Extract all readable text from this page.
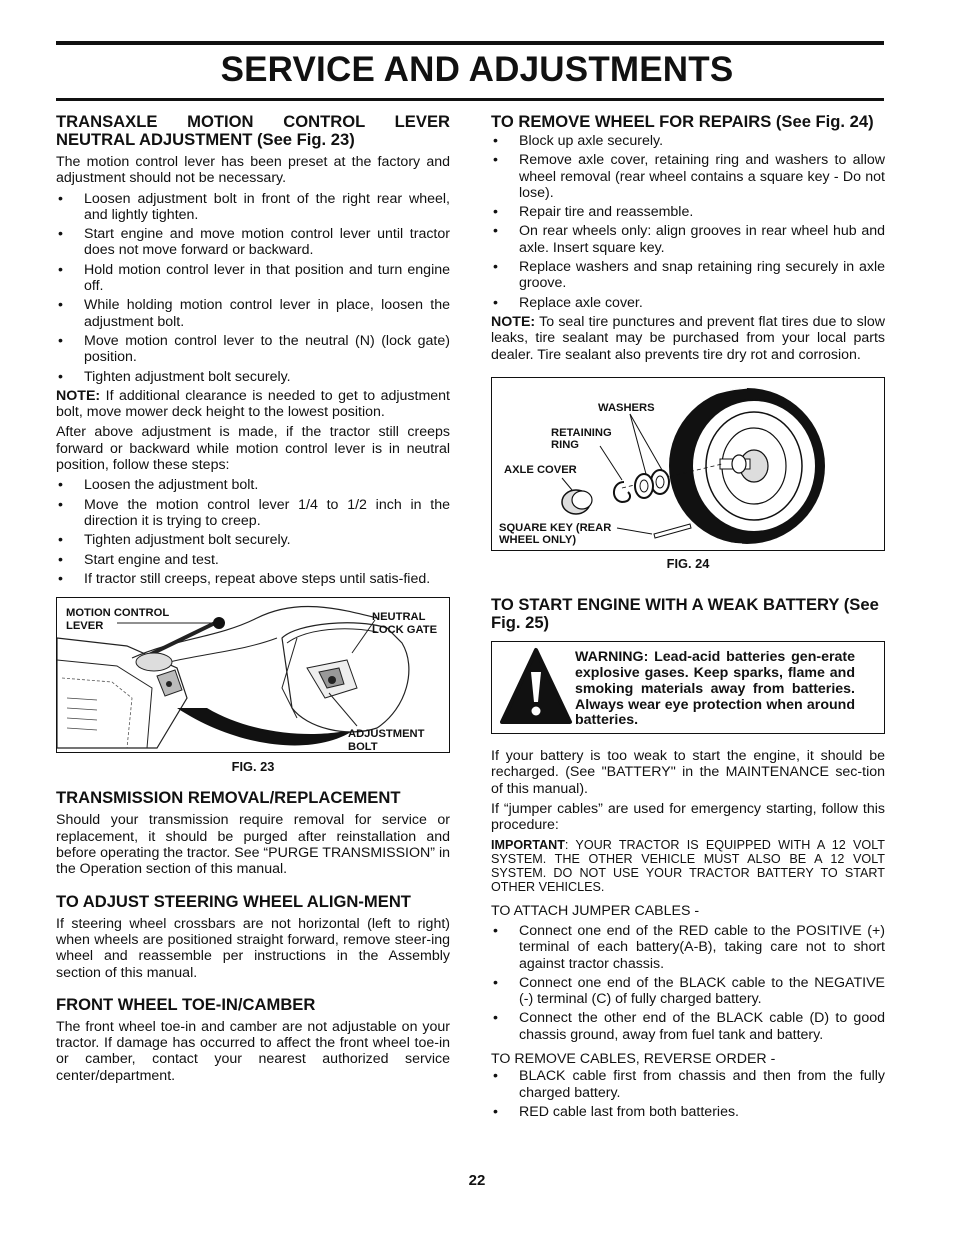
SERVICE AND ADJUSTMENTS
TRANSAXLE MOTION CONTROL LEVER NEUTRAL ADJUSTMENT (See Fig. 23)

The motion control lever has been preset at the factory and adjustment should not be necessary.

• Loosen adjustment bolt in front of the right rear wheel, and lightly tighten.
• Start engine and move motion control lever until tractor does not move forward or backward.
• Hold motion control lever in that position and turn engine off.
• While holding motion control lever in place, loosen the adjustment bolt.
• Move motion control lever to the neutral (N) (lock gate) position.
• Tighten adjustment bolt securely.

NOTE: If additional clearance is needed to get to adjustment bolt, move mower deck height to the lowest position.

After above adjustment is made, if the tractor still creeps forward or backward while motion control lever is in neutral position, follow these steps:

• Loosen the adjustment bolt.
• Move the motion control lever 1/4 to 1/2 inch in the direction it is trying to creep.
• Tighten adjustment bolt securely.
• Start engine and test.
• If tractor still creeps, repeat above steps until satis-fied.
MOTION CONTROL
LEVER
NEUTRAL
LOCK GATE
ADJUSTMENT
BOLT
FIG. 23
TRANSMISSION REMOVAL/REPLACEMENT

Should your transmission require removal for service or replacement, it should be purged after reinstallation and before operating the tractor. See “PURGE TRANSMISSION” in the Operation section of this manual.

TO ADJUST STEERING WHEEL ALIGN-MENT

If steering wheel crossbars are not horizontal (left to right) when wheels are positioned straight forward, remove steer-ing wheel and reassemble per instructions in the Assembly section of this manual.

FRONT WHEEL TOE-IN/CAMBER

The front wheel toe-in and camber are not adjustable on your tractor. If damage has occurred to affect the front wheel toe-in or camber, contact your nearest authorized service center/department.

TO REMOVE WHEEL FOR REPAIRS (See Fig. 24)
• Block up axle securely.
• Remove axle cover, retaining ring and washers to allow wheel removal (rear wheel contains a square key - Do not lose).
• Repair tire and reassemble.
• On rear wheels only: align grooves in rear wheel hub and axle. Insert square key.
• Replace washers and snap retaining ring securely in axle groove.
• Replace axle cover.

NOTE: To seal tire punctures and prevent flat tires due to slow leaks, tire sealant may be purchased from your local parts dealer. Tire sealant also prevents tire dry rot and corrosion.

WASHERS
RETAINING
RING
AXLE COVER
SQUARE KEY (REAR
WHEEL ONLY)
FIG. 24
TO START ENGINE WITH A WEAK BATTERY (See Fig. 25)
WARNING: Lead-acid batteries gen-erate explosive gases. Keep sparks, flame and smoking materials away from batteries. Always wear eye protection when around batteries.

If your battery is too weak to start the engine, it should be recharged. (See "BATTERY" in the MAINTENANCE sec-tion of this manual).

If “jumper cables” are used for emergency starting, follow this procedure:

IMPORTANT: YOUR TRACTOR IS EQUIPPED WITH A 12 VOLT SYSTEM. THE OTHER VEHICLE MUST ALSO BE A 12 VOLT SYSTEM. DO NOT USE YOUR TRACTOR BATTERY TO START OTHER VEHICLES.

TO ATTACH JUMPER CABLES -

• Connect one end of the RED cable to the POSITIVE (+) terminal of each battery(A-B), taking care not to short against tractor chassis.
• Connect one end of the BLACK cable to the NEGATIVE (-) terminal (C) of fully charged battery.
• Connect the other end of the BLACK cable (D) to good chassis ground, away from fuel tank and battery.

TO REMOVE CABLES, REVERSE ORDER -

• BLACK cable first from chassis and then from the fully charged battery.
• RED cable last from both batteries.
22
